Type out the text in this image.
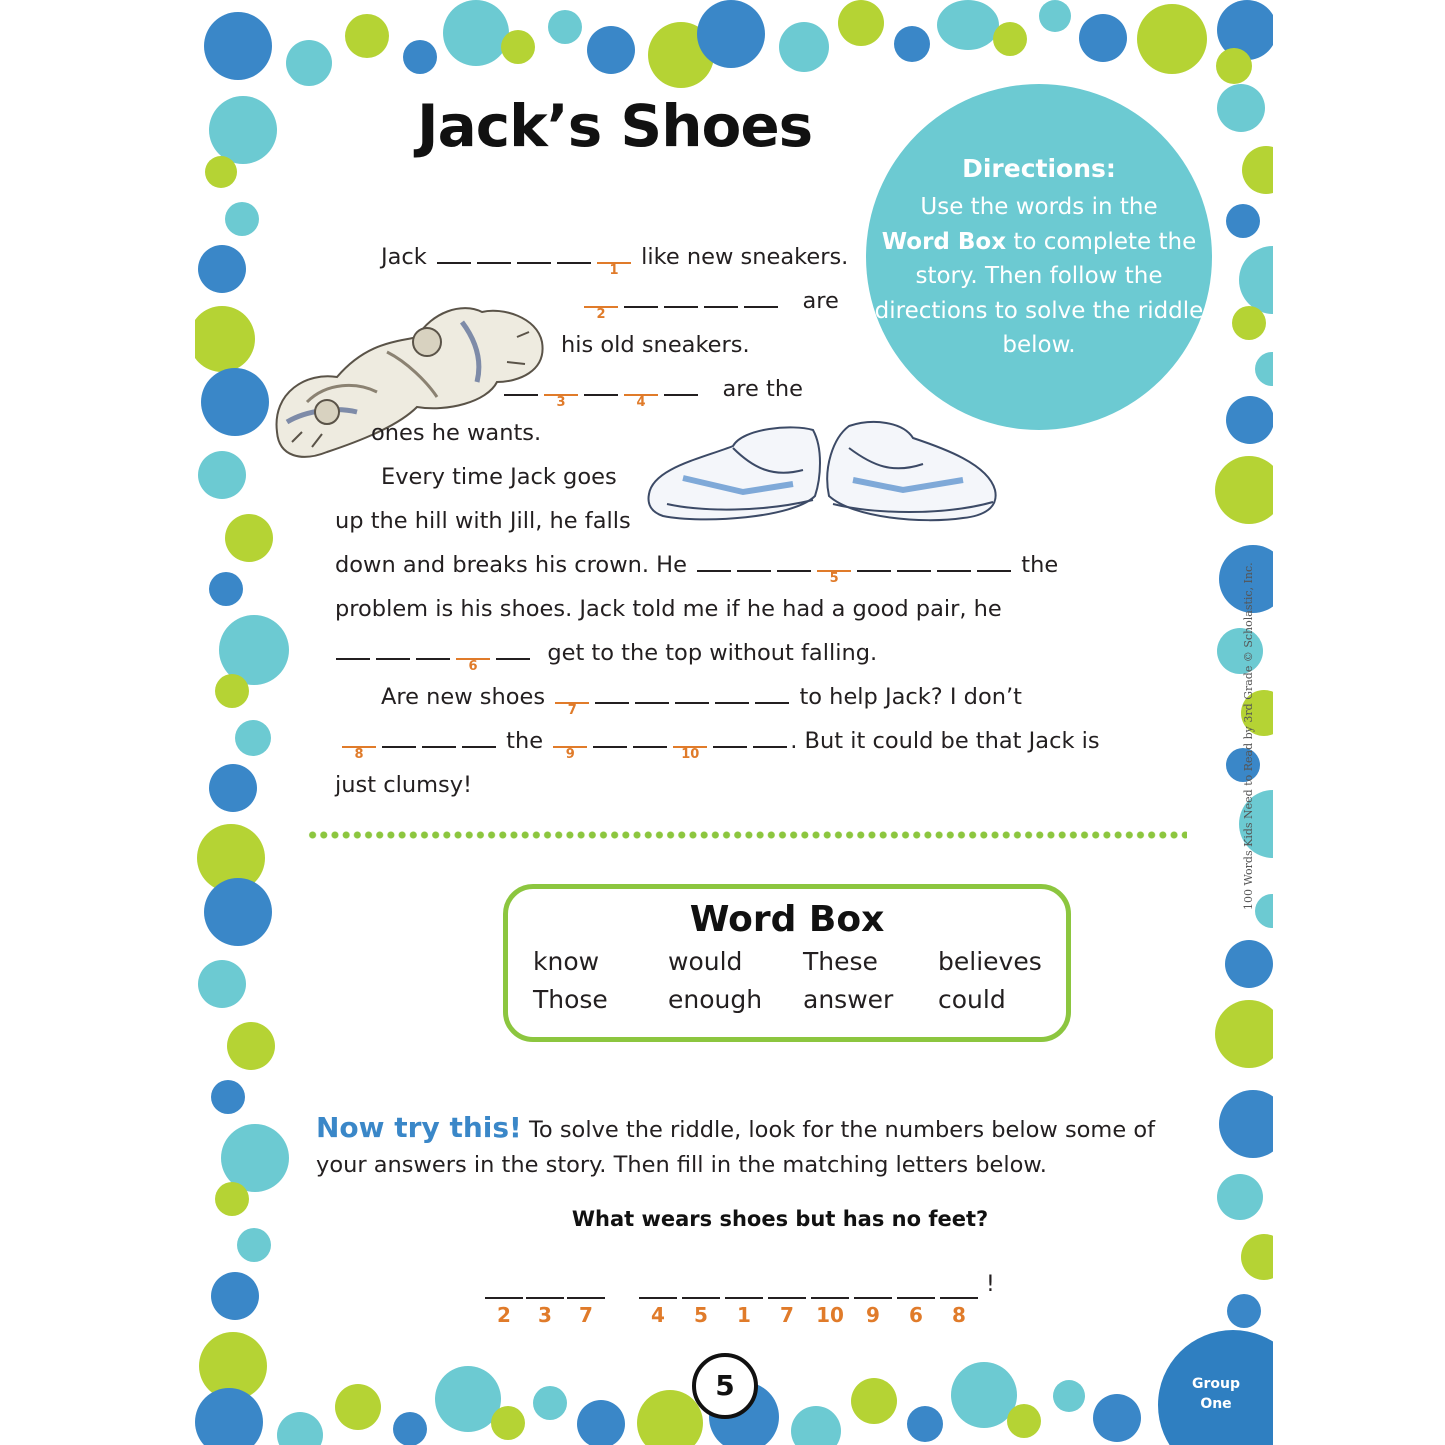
Jack’s Shoes
Directions:
Use the words in the
Word Box to complete the
story. Then follow the
directions to solve the riddle
below.
Jack
1
like new sneakers.
2
are
his old sneakers.
3	4
are the
ones he wants.
Every time Jack goes
up the hill with Jill, he falls
down and breaks his crown. He
5
the
problem is his shoes. Jack told me if he had a good pair, he
6
get to the top without falling.
Are new shoes
7
to help Jack? I don’t
8
the
9	10
. But it could be that Jack is
just clumsy!
Word Box
know	would These believes
Those enough answer could
Now try this! To solve the riddle, look for the numbers below some of your answers in the story. Then fill in the matching letters below.
What wears shoes but has no feet?
2	3	7	4	5	1	7	10	9	6	8
!
5	Group
One
100 Words Kids Need to Read by 3rd Grade © Scholastic, Inc.
